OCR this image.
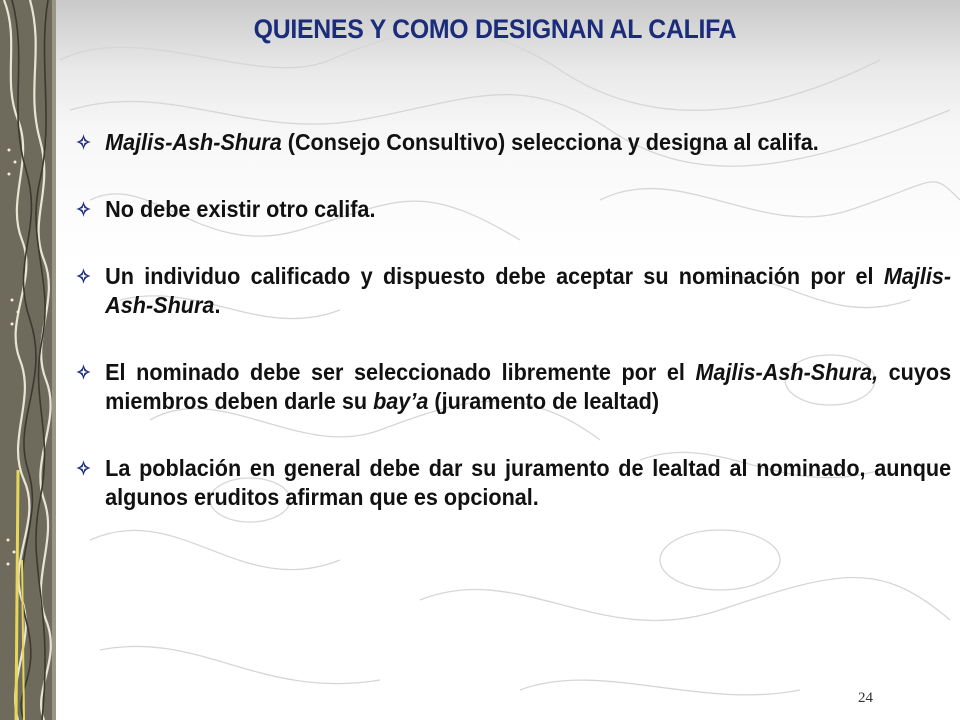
QUIENES Y COMO DESIGNAN AL CALIFA
Majlis-Ash-Shura (Consejo Consultivo) selecciona y designa al califa.
No debe existir otro califa.
Un individuo calificado y dispuesto debe aceptar su nominación por el Majlis-Ash-Shura.
El nominado debe ser seleccionado libremente por el Majlis-Ash-Shura, cuyos miembros deben darle su bay’a (juramento de lealtad)
La población en general debe dar su juramento de lealtad al nominado, aunque algunos eruditos afirman que es opcional.
24
